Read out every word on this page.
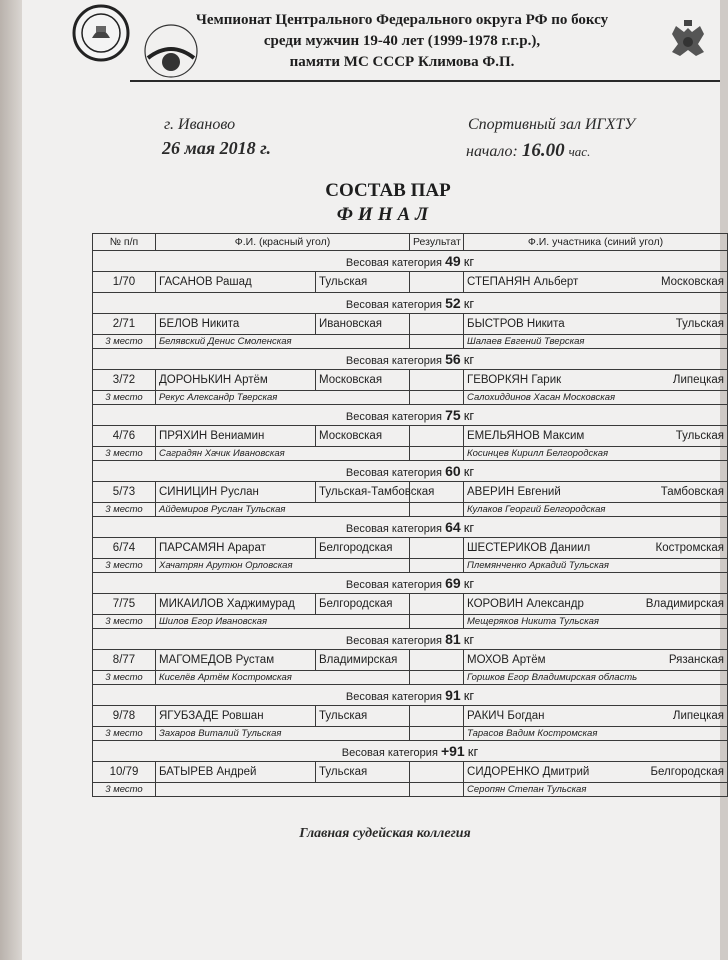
Чемпионат Центрального Федерального округа РФ по боксу
среди мужчин 19-40 лет (1999-1978 г.г.р.),
памяти МС СССР Климова Ф.П.
г. Иваново
26 мая 2018 г.
Спортивный зал ИГХТУ
начало: 16.00 час.
СОСТАВ ПАР
ФИНАЛ
№ п/п	Ф.И. (красный угол)		Результат	Ф.И. участника (синий угол)
Весовая категория 49 кг				
1/70	ГАСАНОВ Рашад	Тульская		СТЕПАНЯН Альберт Московская

Весовая категория 52 кг				
2/71	БЕЛОВ Никита	Ивановская		БЫСТРОВ Никита Тульская

3 место	Белявский Денис Смоленская			Шалаев Евгений Тверская
Весовая категория 56 кг				
3/72	ДОРОНЬКИН Артём	Московская		ГЕВОРКЯН Гарик Липецкая

3 место	Рекус Александр Тверская			Салохиддинов Хасан Московская
Весовая категория 75 кг				
4/76	ПРЯХИН Вениамин	Московская		ЕМЕЛЬЯНОВ Максим Тульская

3 место	Саградян Хачик Ивановская			Косинцев Кирилл Белгородская
Весовая категория 60 кг				
5/73	СИНИЦИН Руслан	Тульская-Тамбовская		АВЕРИН Евгений Тамбовская

3 место	Айдемиров Руслан Тульская			Кулаков Георгий Белгородская
Весовая категория 64 кг				
6/74	ПАРСАМЯН Арарат	Белгородская		ШЕСТЕРИКОВ Даниил Костромская

3 место	Хачатрян Арутюн Орловская			Племянченко Аркадий Тульская
Весовая категория 69 кг				
7/75	МИКАИЛОВ Хаджимурад	Белгородская		КОРОВИН Александр Владимирская

3 место	Шилов Егор Ивановская			Мещеряков Никита Тульская
Весовая категория 81 кг				
8/77	МАГОМЕДОВ Рустам	Владимирская		МОХОВ Артём Рязанская

3 место	Киселёв Артём Костромская			Горшков Егор Владимирская область
Весовая категория 91 кг				
9/78	ЯГУБЗАДЕ Ровшан	Тульская		РАКИЧ Богдан Липецкая

3 место	Захаров Виталий Тульская			Тарасов Вадим Костромская
Весовая категория +91 кг				
10/79	БАТЫРЕВ Андрей	Тульская		СИДОРЕНКО Дмитрий Белгородская

3 место				Серопян Степан Тульская
Главная судейская коллегия
